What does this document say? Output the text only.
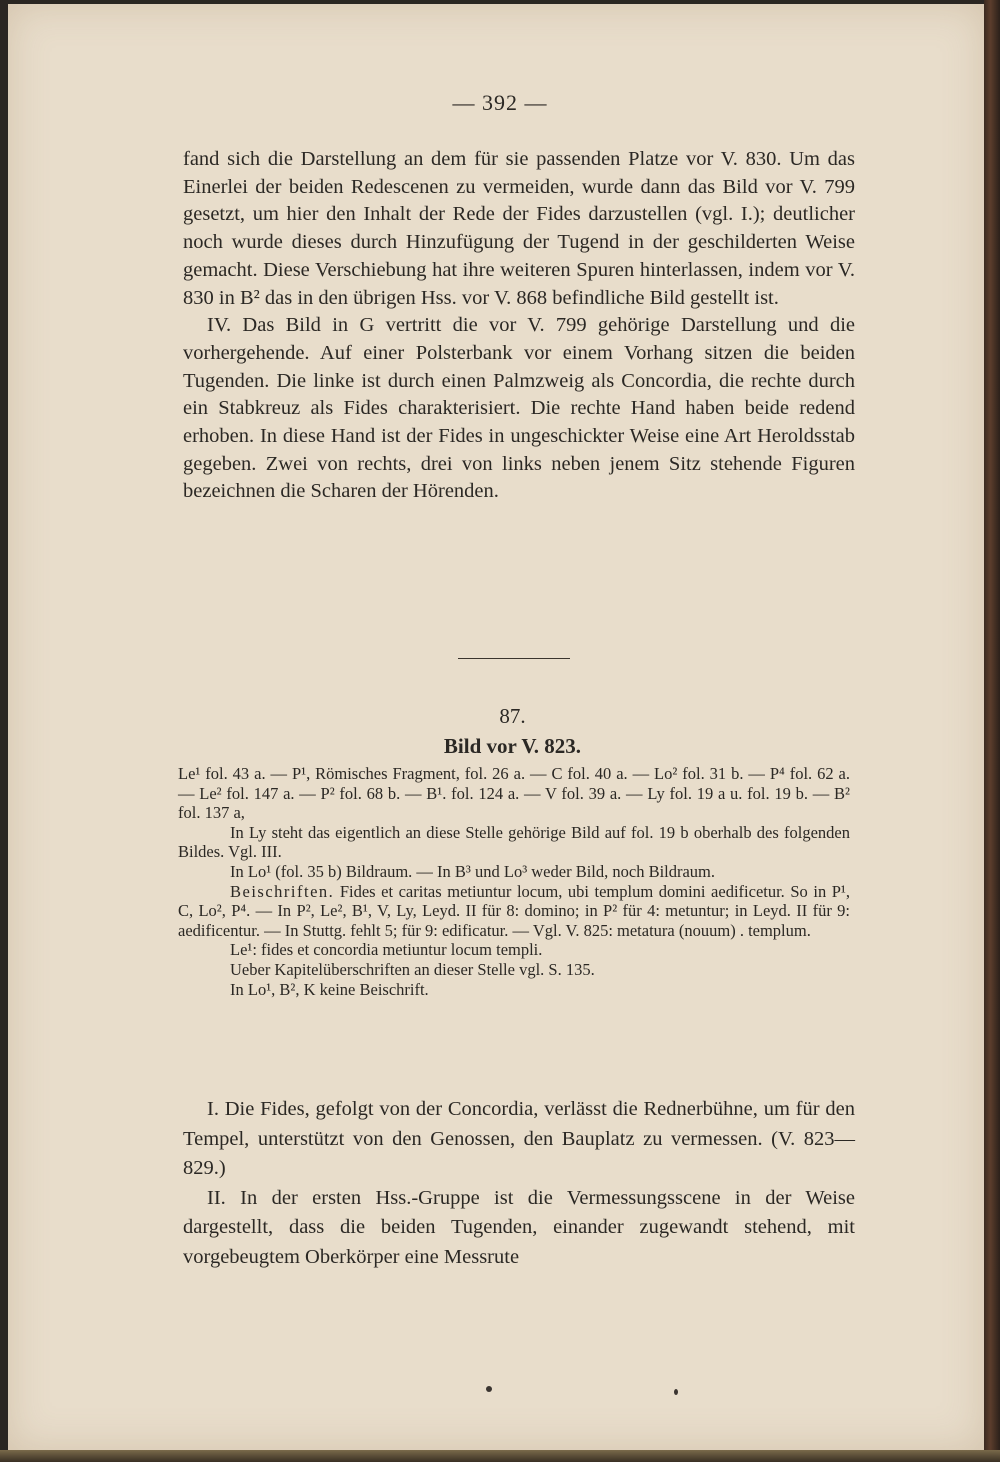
— 392 —

fand sich die Darstellung an dem für sie passenden Platze vor V. 830. Um das Einerlei der beiden Redescenen zu vermeiden, wurde dann das Bild vor V. 799 gesetzt, um hier den Inhalt der Rede der Fides darzustellen (vgl. I.); deutlicher noch wurde dieses durch Hinzufügung der Tugend in der geschilderten Weise gemacht. Diese Verschiebung hat ihre weiteren Spuren hinterlassen, indem vor V. 830 in B² das in den übrigen Hss. vor V. 868 befindliche Bild gestellt ist.

IV. Das Bild in G vertritt die vor V. 799 gehörige Darstellung und die vorhergehende. Auf einer Polsterbank vor einem Vorhang sitzen die beiden Tugenden. Die linke ist durch einen Palmzweig als Concordia, die rechte durch ein Stabkreuz als Fides charakterisiert. Die rechte Hand haben beide redend erhoben. In diese Hand ist der Fides in ungeschickter Weise eine Art Heroldsstab gegeben. Zwei von rechts, drei von links neben jenem Sitz stehende Figuren bezeichnen die Scharen der Hörenden.

87.
Bild vor V. 823.

Le¹ fol. 43 a. — P¹, Römisches Fragment, fol. 26 a. — C fol. 40 a. — Lo² fol. 31 b. — P⁴ fol. 62 a. — Le² fol. 147 a. — P² fol. 68 b. — B¹. fol. 124 a. — V fol. 39 a. — Ly fol. 19 a u. fol. 19 b. — B² fol. 137 a,

In Ly steht das eigentlich an diese Stelle gehörige Bild auf fol. 19 b oberhalb des folgenden Bildes. Vgl. III.

In Lo¹ (fol. 35 b) Bildraum. — In B³ und Lo³ weder Bild, noch Bildraum.

Beischriften. Fides et caritas metiuntur locum, ubi templum domini aedificetur. So in P¹, C, Lo², P⁴. — In P², Le², B¹, V, Ly, Leyd. II für 8: domino; in P² für 4: metuntur; in Leyd. II für 9: aedificentur. — In Stuttg. fehlt 5; für 9: edificatur. — Vgl. V. 825: metatura (nouum) . templum.

Le¹: fides et concordia metiuntur locum templi.

Ueber Kapitelüberschriften an dieser Stelle vgl. S. 135.

In Lo¹, B², K keine Beischrift.

I. Die Fides, gefolgt von der Concordia, verlässt die Rednerbühne, um für den Tempel, unterstützt von den Genossen, den Bauplatz zu vermessen. (V. 823—829.)

II. In der ersten Hss.-Gruppe ist die Vermessungsscene in der Weise dargestellt, dass die beiden Tugenden, einander zugewandt stehend, mit vorgebeugtem Oberkörper eine Messrute
